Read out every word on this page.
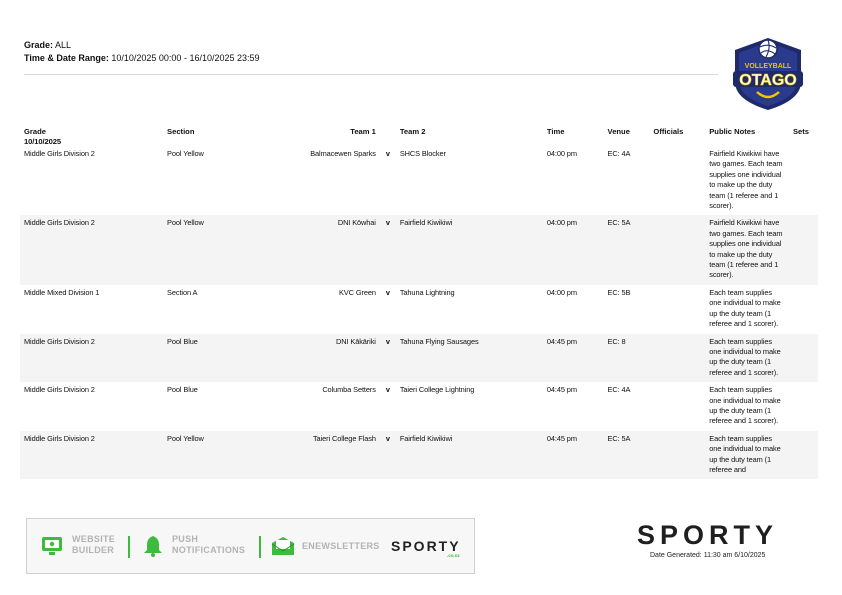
Grade: ALL
Time & Date Range: 10/10/2025 00:00 - 16/10/2025 23:59
VOLLEYBALL
OTAGO
Grade	Section	Team 1		Team 2	Time	Venue	Officials	Public Notes	Sets
10/10/2025									
Middle Girls Division 2	Pool Yellow	Balmacewen Sparks	v	SHCS Blocker	04:00 pm	EC: 4A		Fairfield Kiwikiwi have two games. Each team supplies one individual to make up the duty team (1 referee and 1 scorer).	
Middle Girls Division 2	Pool Yellow	DNI Kōwhai	v	Fairfield Kiwikiwi	04:00 pm	EC: 5A		Fairfield Kiwikiwi have two games. Each team supplies one individual to make up the duty team (1 referee and 1 scorer).	
Middle Mixed Division 1	Section A	KVC Green	v	Tahuna Lightning	04:00 pm	EC: 5B		Each team supplies one individual to make up the duty team (1 referee and 1 scorer).	
Middle Girls Division 2	Pool Blue	DNI Kākāriki	v	Tahuna Flying Sausages	04:45 pm	EC: 8		Each team supplies one individual to make up the duty team (1 referee and 1 scorer).	
Middle Girls Division 2	Pool Blue	Columba Setters	v	Taieri College Lightning	04:45 pm	EC: 4A		Each team supplies one individual to make up the duty team (1 referee and 1 scorer).	
Middle Girls Division 2	Pool Yellow	Taieri College Flash	v	Fairfield Kiwikiwi	04:45 pm	EC: 5A		Each team supplies one individual to make up the duty team (1 referee and	
WEBSITE
BUILDER
PUSH
NOTIFICATIONS	ENEWSLETTERS SPORTY
.co.nz
SPORTY
Date Generated: 11:30 am 6/10/2025
